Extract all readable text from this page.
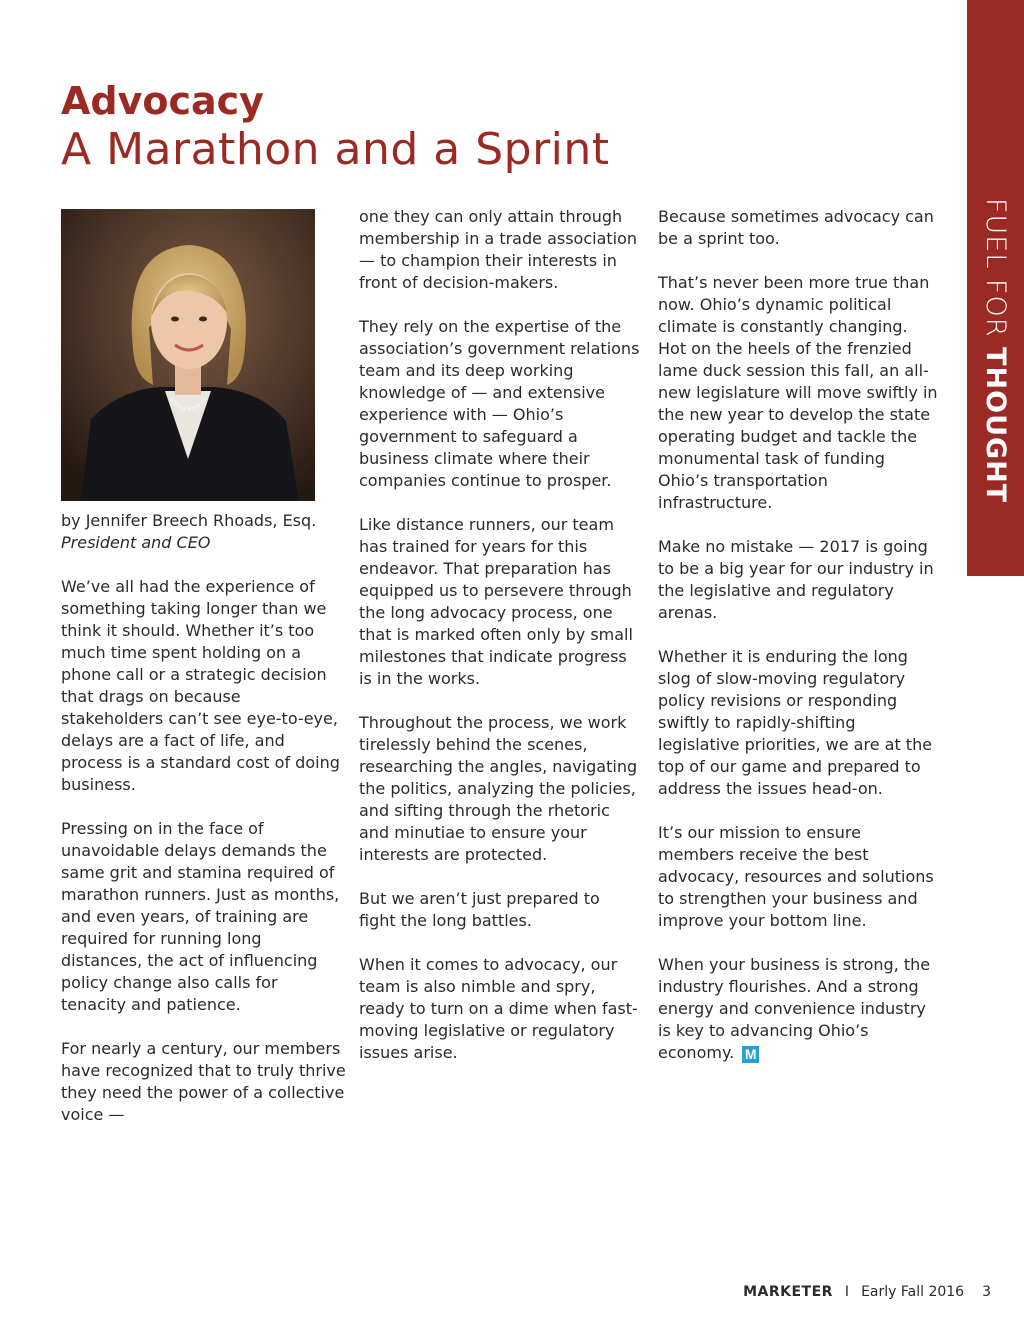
FUEL FOR THOUGHT
Advocacy
A Marathon and a Sprint

by Jennifer Breech Rhoads, Esq.
President and CEO

We’ve all had the experience of something taking longer than we think it should. Whether it’s too much time spent holding on a phone call or a strategic decision that drags on because stakeholders can’t see eye-to-eye, delays are a fact of life, and process is a standard cost of doing business.

Pressing on in the face of unavoidable delays demands the same grit and stamina required of marathon runners. Just as months, and even years, of training are required for running long distances, the act of influencing policy change also calls for tenacity and patience.

For nearly a century, our members have recognized that to truly thrive they need the power of a collective voice —

one they can only attain through membership in a trade association — to champion their interests in front of decision-makers.

They rely on the expertise of the association’s government relations team and its deep working knowledge of — and extensive experience with — Ohio’s government to safeguard a business climate where their companies continue to prosper.

Like distance runners, our team has trained for years for this endeavor. That preparation has equipped us to persevere through the long advocacy process, one that is marked often only by small milestones that indicate progress is in the works.

Throughout the process, we work tirelessly behind the scenes, researching the angles, navigating the politics, analyzing the policies, and sifting through the rhetoric and minutiae to ensure your interests are protected.

But we aren’t just prepared to fight the long battles.

When it comes to advocacy, our team is also nimble and spry, ready to turn on a dime when fast-moving legislative or regulatory issues arise.

Because sometimes advocacy can be a sprint too.

That’s never been more true than now. Ohio’s dynamic political climate is constantly changing. Hot on the heels of the frenzied lame duck session this fall, an all-new legislature will move swiftly in the new year to develop the state operating budget and tackle the monumental task of funding Ohio’s transportation infrastructure.

Make no mistake — 2017 is going to be a big year for our industry in the legislative and regulatory arenas.

Whether it is enduring the long slog of slow-moving regulatory policy revisions or responding swiftly to rapidly-shifting legislative priorities, we are at the top of our game and prepared to address the issues head-on.

It’s our mission to ensure members receive the best advocacy, resources and solutions to strengthen your business and improve your bottom line.

When your business is strong, the industry flourishes. And a strong energy and convenience industry is key to advancing Ohio’s economy. M

MARKETER I Early Fall 2016 3
